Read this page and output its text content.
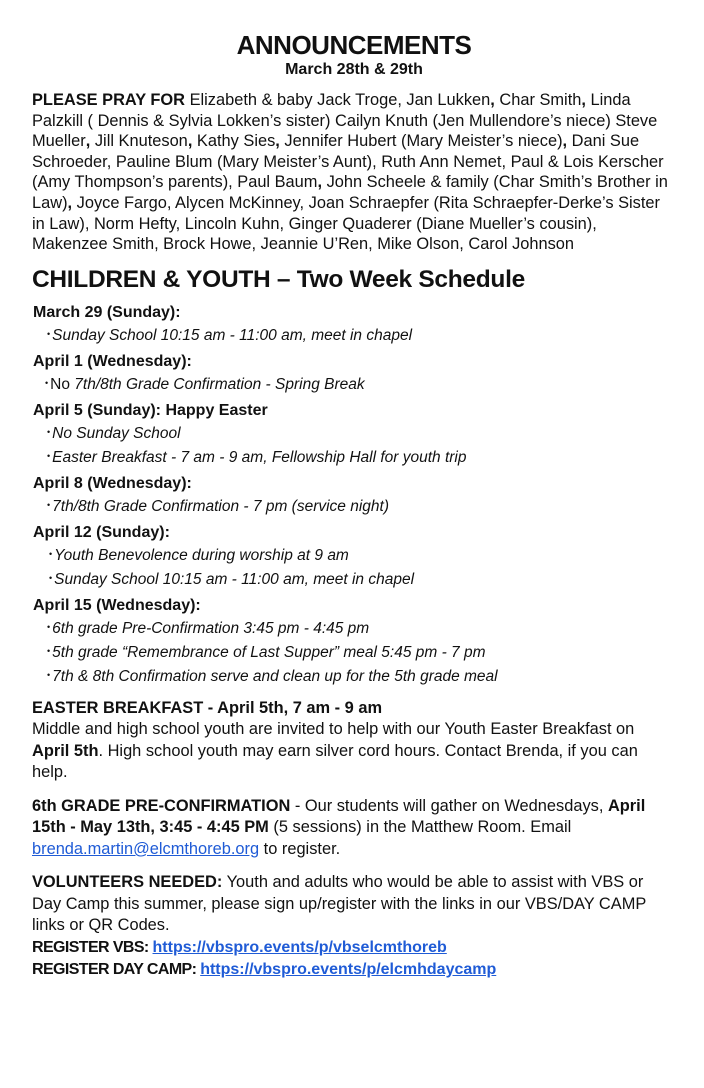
ANNOUNCEMENTS
March 28th & 29th

PLEASE PRAY FOR Elizabeth & baby Jack Troge, Jan Lukken, Char Smith, Linda Palzkill ( Dennis & Sylvia Lokken’s sister) Cailyn Knuth (Jen Mullendore’s niece) Steve Mueller, Jill Knuteson, Kathy Sies, Jennifer Hubert (Mary Meister’s niece), Dani Sue Schroeder, Pauline Blum (Mary Meister’s Aunt), Ruth Ann Nemet, Paul & Lois Kerscher (Amy Thompson’s parents), Paul Baum, John Scheele & family (Char Smith’s Brother in Law), Joyce Fargo, Alycen McKinney, Joan Schraepfer (Rita Schraepfer-Derke’s Sister in Law), Norm Hefty, Lincoln Kuhn, Ginger Quaderer (Diane Mueller’s cousin), Makenzee Smith, Brock Howe, Jeannie U’Ren, Mike Olson, Carol Johnson

CHILDREN & YOUTH – Two Week Schedule
March 29 (Sunday):
• Sunday School 10:15 am - 11:00 am, meet in chapel
April 1 (Wednesday):
• No 7th/8th Grade Confirmation - Spring Break
April 5 (Sunday): Happy Easter
• No Sunday School
• Easter Breakfast - 7 am - 9 am, Fellowship Hall for youth trip
April 8 (Wednesday):
• 7th/8th Grade Confirmation - 7 pm (service night)
April 12 (Sunday):
• Youth Benevolence during worship at 9 am
• Sunday School 10:15 am - 11:00 am, meet in chapel
April 15 (Wednesday):
• 6th grade Pre-Confirmation 3:45 pm - 4:45 pm
• 5th grade “Remembrance of Last Supper” meal 5:45 pm - 7 pm
• 7th & 8th Confirmation serve and clean up for the 5th grade meal

EASTER BREAKFAST - April 5th, 7 am - 9 am
Middle and high school youth are invited to help with our Youth Easter Breakfast on April 5th. High school youth may earn silver cord hours. Contact Brenda, if you can help.

6th GRADE PRE-CONFIRMATION - Our students will gather on Wednesdays, April 15th - May 13th, 3:45 - 4:45 PM (5 sessions) in the Matthew Room. Email brenda.martin@elcmthoreb.org to register.

VOLUNTEERS NEEDED: Youth and adults who would be able to assist with VBS or Day Camp this summer, please sign up/register with the links in our VBS/DAY CAMP links or QR Codes.

REGISTER VBS: https://vbspro.events/p/vbselcmthoreb
REGISTER DAY CAMP: https://vbspro.events/p/elcmhdaycamp
